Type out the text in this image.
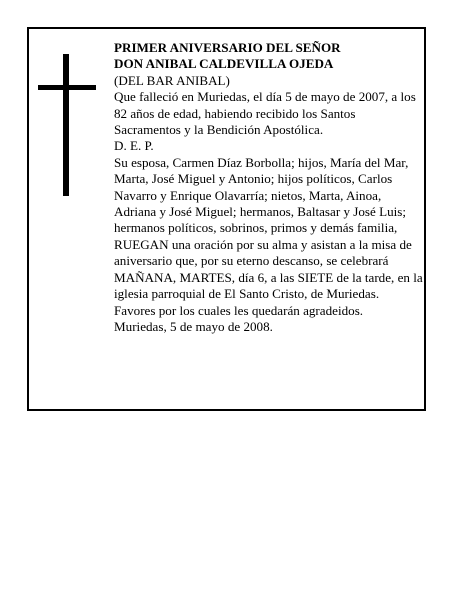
PRIMER ANIVERSARIO DEL SEÑOR

DON ANIBAL CALDEVILLA OJEDA

(DEL BAR ANIBAL)

Que falleció en Muriedas, el día 5 de mayo de 2007, a los 82 años de edad, habiendo recibido los Santos Sacramentos y la Bendición Apostólica.

D. E. P.

Su esposa, Carmen Díaz Borbolla; hijos, María del Mar, Marta, José Miguel y Antonio; hijos políticos, Carlos Navarro y Enrique Olavarría; nietos, Marta, Ainoa, Adriana y José Miguel; hermanos, Baltasar y José Luis; hermanos políticos, sobrinos, primos y demás familia,

RUEGAN una oración por su alma y asistan a la misa de aniversario que, por su eterno descanso, se celebrará MAÑANA, MARTES, día 6, a las SIETE de la tarde, en la iglesia parroquial de El Santo Cristo, de Muriedas.

Favores por los cuales les quedarán agradeidos.

Muriedas, 5 de mayo de 2008.
